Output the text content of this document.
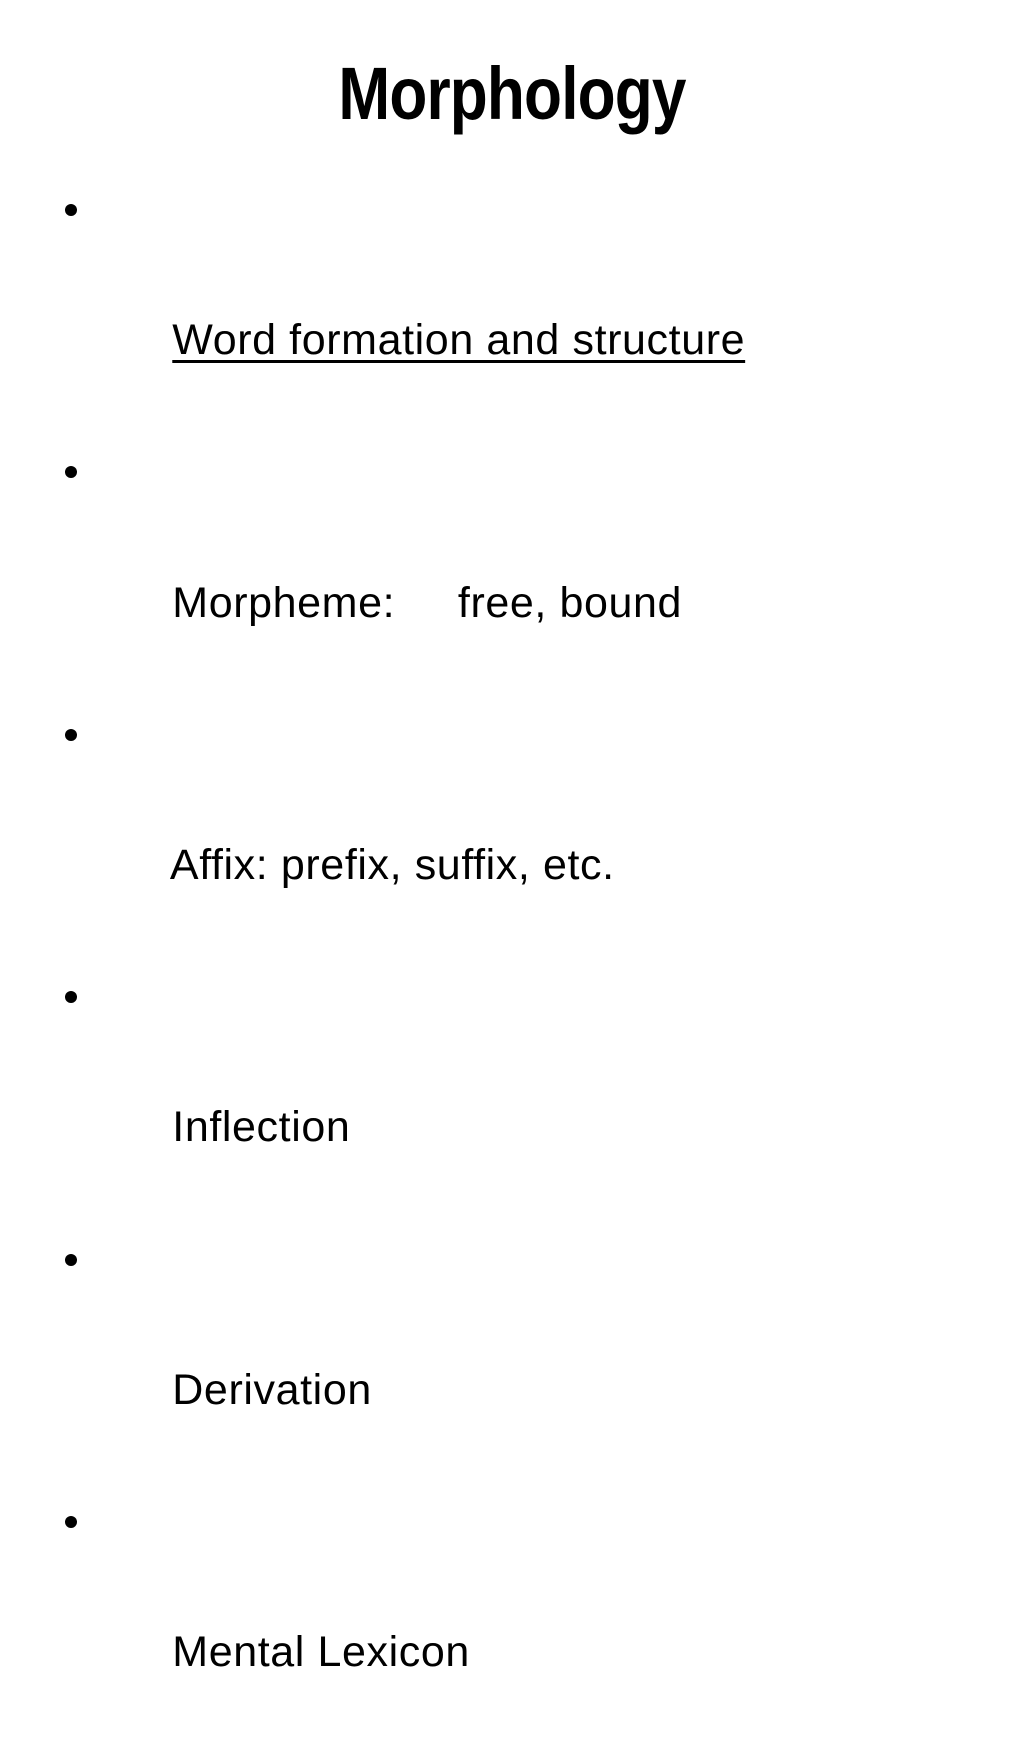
Morphology

Word formation and structure

Morpheme:     free, bound

Affix: prefix, suffix, etc.

Inflection

Derivation

Mental Lexicon
